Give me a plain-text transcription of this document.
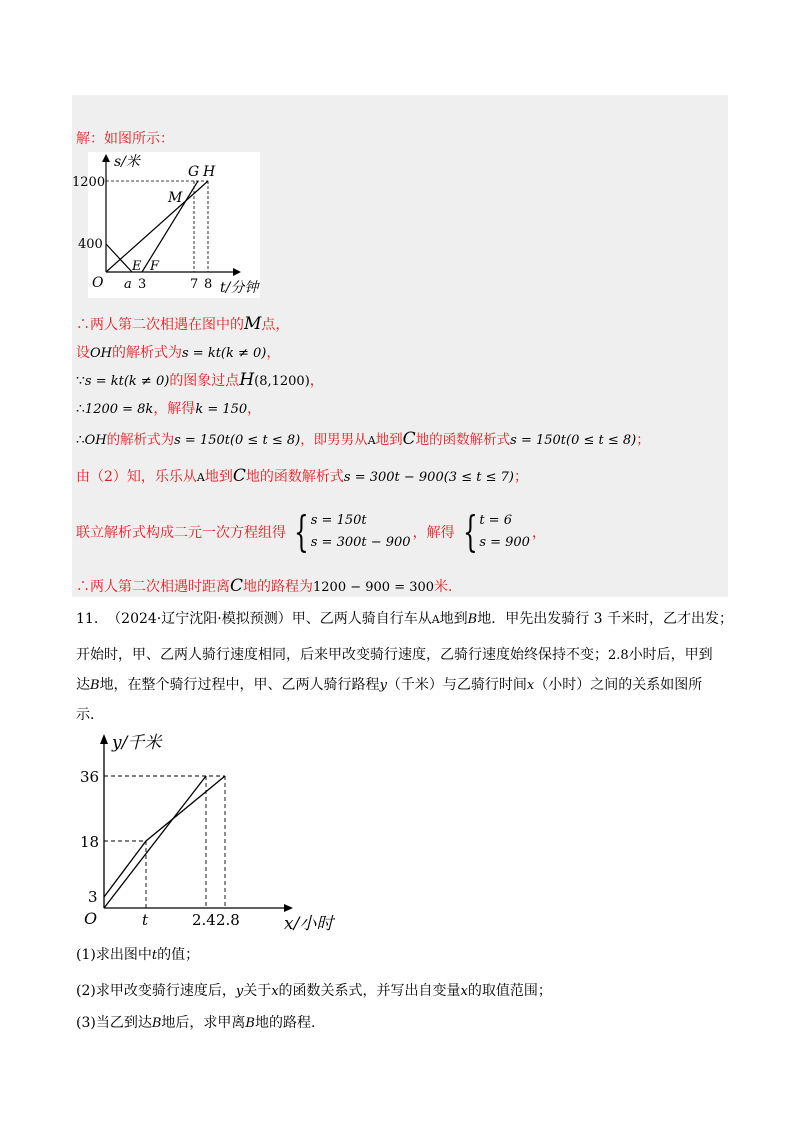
解：如图所示：
s/米
1200
400
O a 3	7 8 t/分钟
G H
M
E F
∴两人第二次相遇在图中的M点，
设OH的解析式为s = kt(k ≠ 0)，
∵s = kt(k ≠ 0)的图象过点H(8,1200)，
∴1200 = 8k，解得k = 150，
∴OH的解析式为s = 150t(0 ≤ t ≤ 8)，即男男从A地到C地的函数解析式s = 150t(0 ≤ t ≤ 8)；
由（2）知，乐乐从A地到C地的函数解析式s = 300t − 900(3 ≤ t ≤ 7)；
联立解析式构成二元一次方程组得 { s = 150t
s = 300t − 900，解得 { t = 6
s = 900，
∴两人第二次相遇时距离C地的路程为1200 − 900 = 300米.
11. （2024·辽宁沈阳·模拟预测）甲、乙两人骑自行车从A地到B地．甲先出发骑行 3 千米时，乙才出发；
开始时，甲、乙两人骑行速度相同，后来甲改变骑行速度，乙骑行速度始终保持不变；2.8小时后，甲到
达B地，在整个骑行过程中，甲、乙两人骑行路程y（千米）与乙骑行时间x（小时）之间的关系如图所
示．
y/千米
36
18
3
O	t	2.4 2.8	x/小时
(1)求出图中t的值；
(2)求甲改变骑行速度后，y关于x的函数关系式，并写出自变量x的取值范围；
(3)当乙到达B地后，求甲离B地的路程.
